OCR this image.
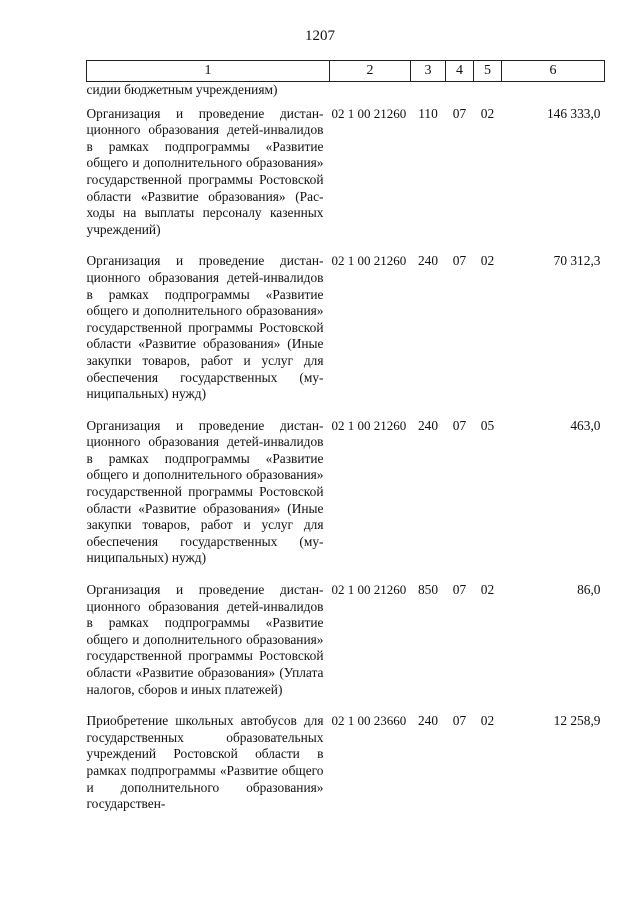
1207
1	2	3	4	5	6
сидии бюджетным учреждениям)					
Организация и проведение дистанционного образования детей-инвалидов в рамках подпрограммы «Развитие общего и дополнительного образования» государственной программы Ростовской области «Развитие образования» (Расходы на выплаты персоналу казенных учреждений)	02 1 00 21260	110	07	02	146 333,0
Организация и проведение дистанционного образования детей-инвалидов в рамках подпрограммы «Развитие общего и дополнительного образования» государственной программы Ростовской области «Развитие образования» (Иные закупки товаров, работ и услуг для обеспечения государственных (муниципальных) нужд)	02 1 00 21260	240	07	02	70 312,3
Организация и проведение дистанционного образования детей-инвалидов в рамках подпрограммы «Развитие общего и дополнительного образования» государственной программы Ростовской области «Развитие образования» (Иные закупки товаров, работ и услуг для обеспечения государственных (муниципальных) нужд)	02 1 00 21260	240	07	05	463,0
Организация и проведение дистанционного образования детей-инвалидов в рамках подпрограммы «Развитие общего и дополнительного образования» государственной программы Ростовской области «Развитие образования» (Уплата налогов, сборов и иных платежей)	02 1 00 21260	850	07	02	86,0
Приобретение школьных автобусов для государственных образовательных учреждений Ростовской области в рамках подпрограммы «Развитие общего и дополнительного образования» государствен-	02 1 00 23660	240	07	02	12 258,9
